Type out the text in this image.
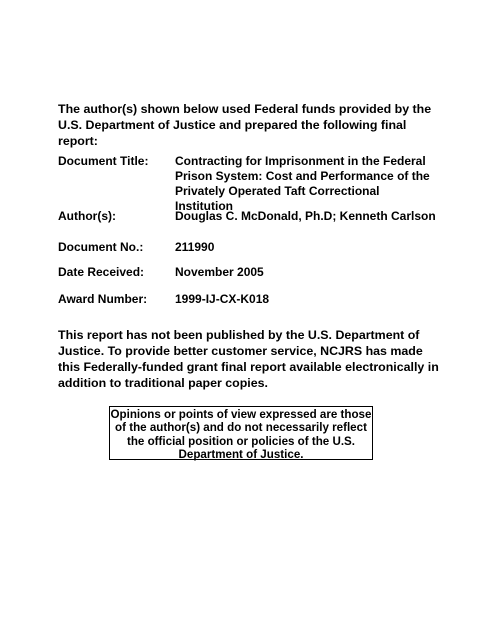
The author(s) shown below used Federal funds provided by the U.S. Department of Justice and prepared the following final report:
Document Title:	Contracting for Imprisonment in the Federal Prison System: Cost and Performance of the Privately Operated Taft Correctional Institution
Author(s):	Douglas C. McDonald, Ph.D; Kenneth Carlson
Document No.:	211990
Date Received:	November 2005
Award Number:	1999-IJ-CX-K018
This report has not been published by the U.S. Department of Justice. To provide better customer service, NCJRS has made this Federally-funded grant final report available electronically in addition to traditional paper copies.
Opinions or points of view expressed are those of the author(s) and do not necessarily reflect the official position or policies of the U.S. Department of Justice.
